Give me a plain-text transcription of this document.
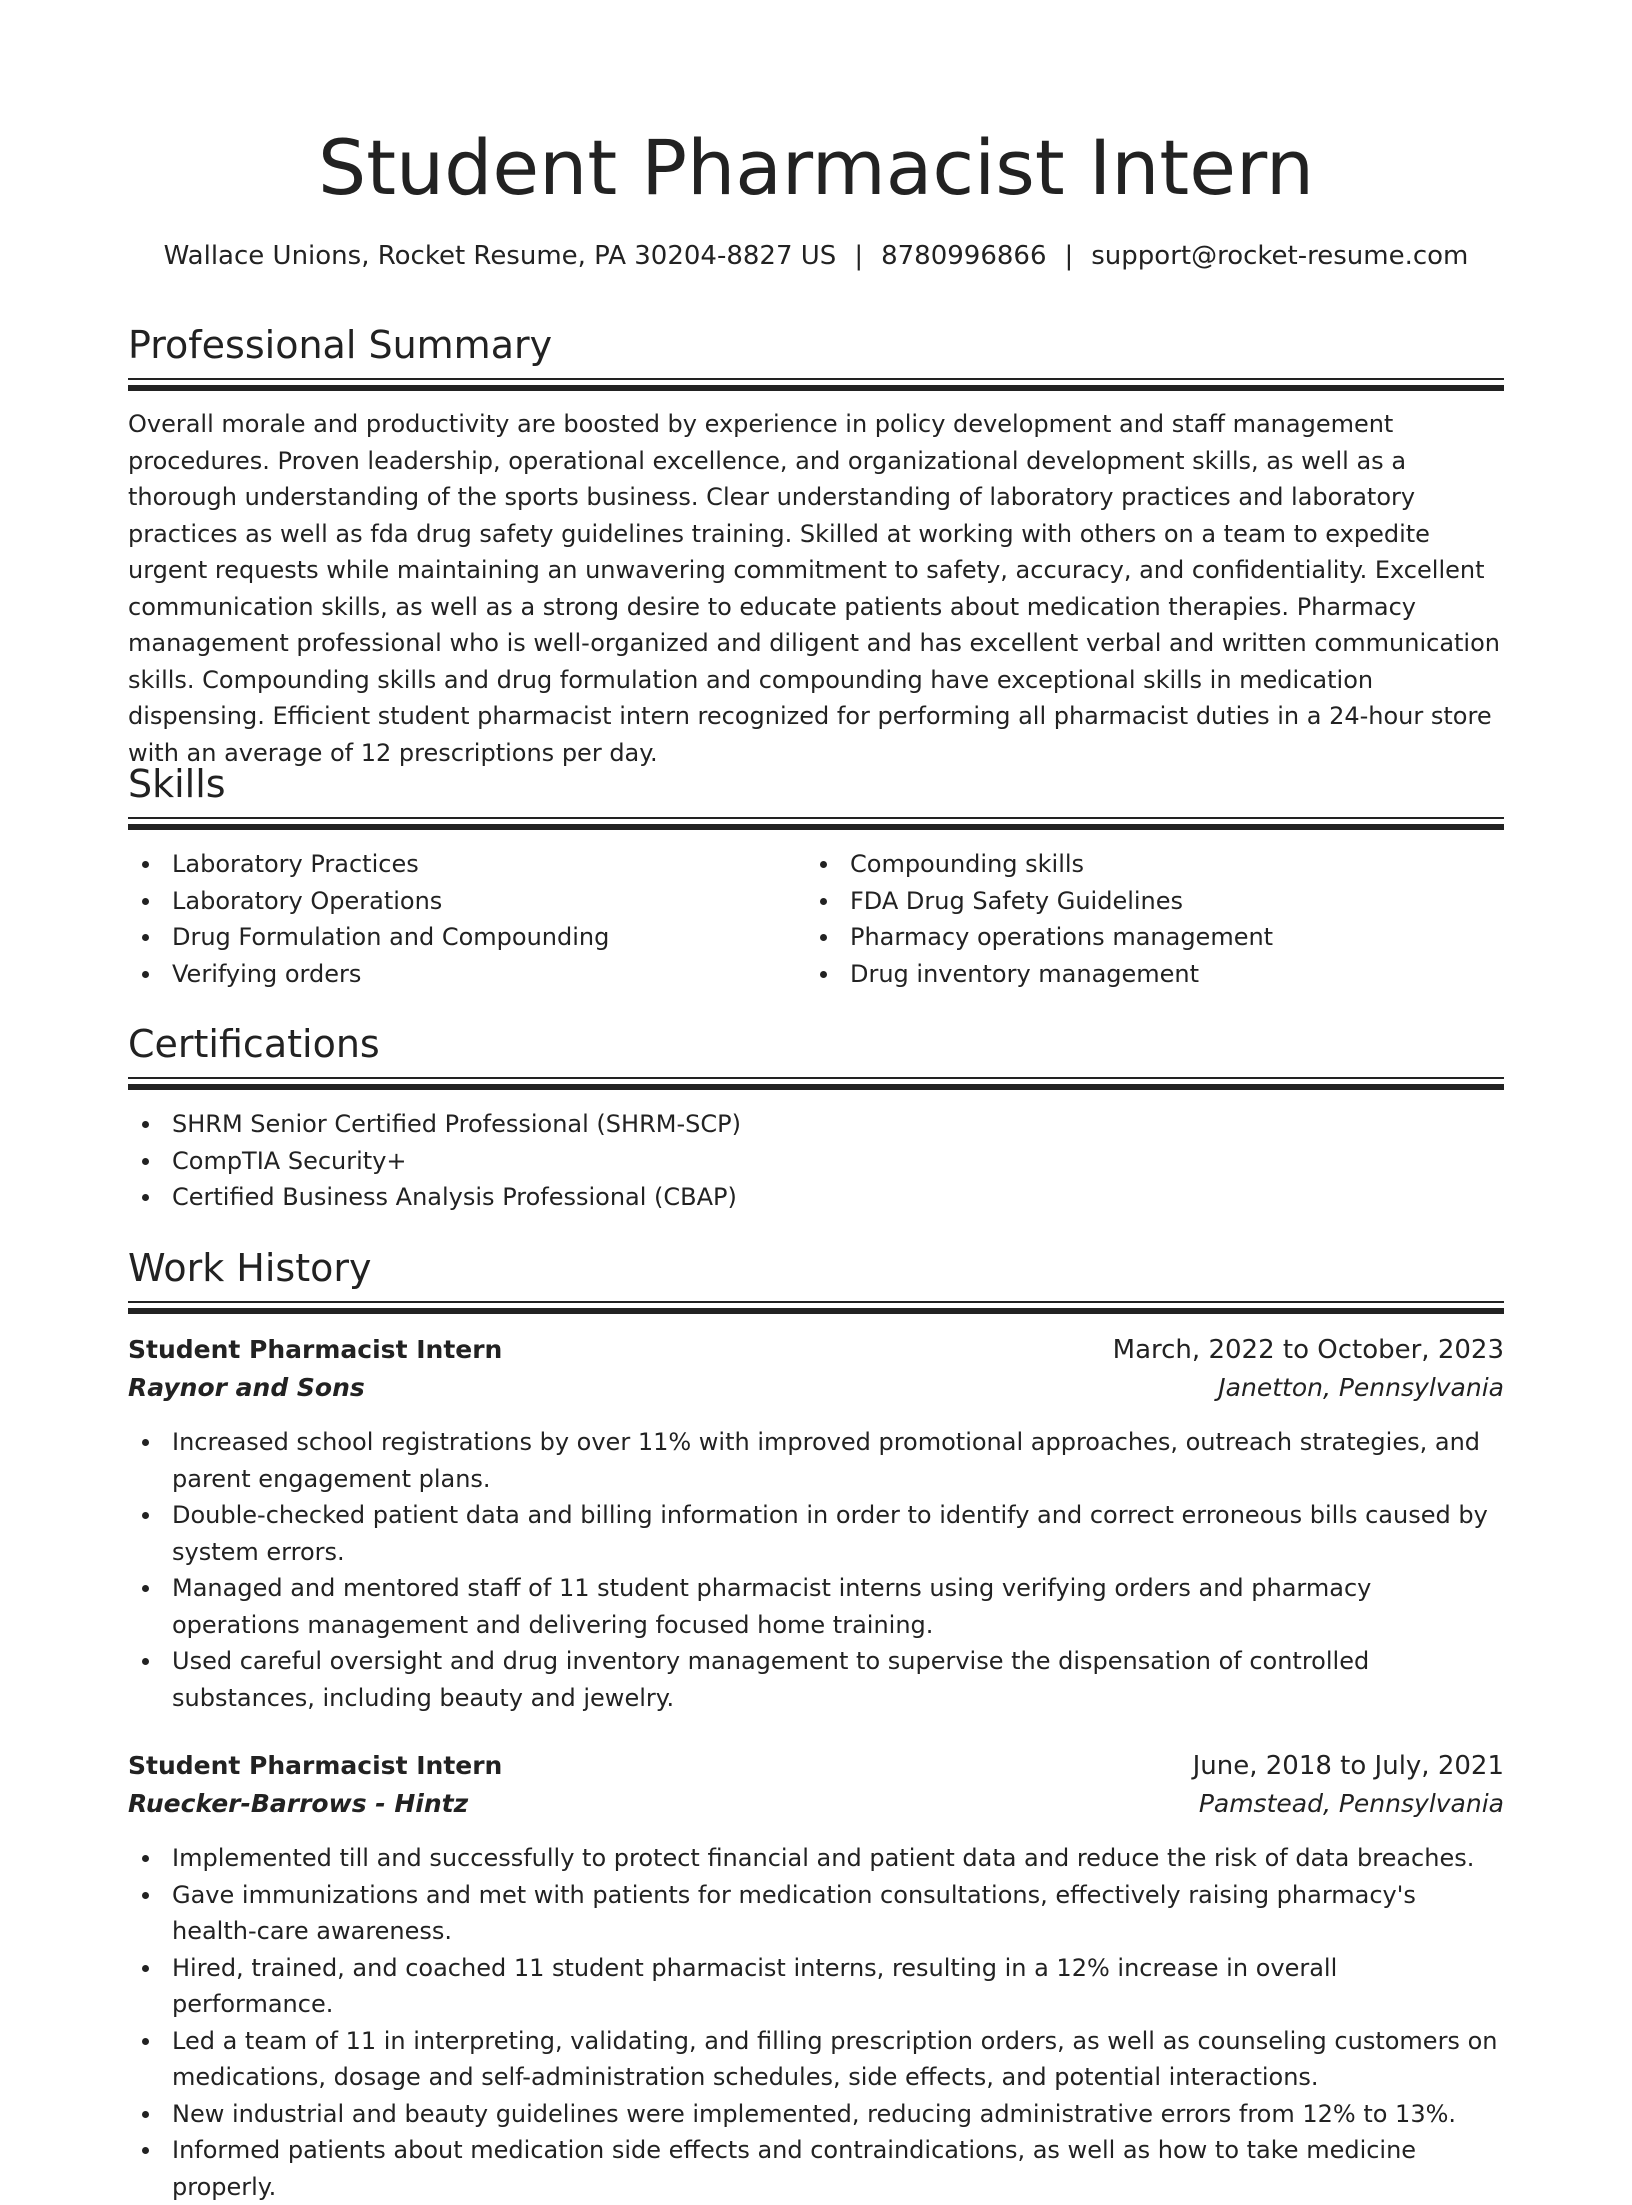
Student Pharmacist Intern
Wallace Unions, Rocket Resume, PA 30204-8827 US | 8780996866 | support@rocket-resume.com
Professional Summary

Overall morale and productivity are boosted by experience in policy development and staff management procedures. Proven leadership, operational excellence, and organizational development skills, as well as a thorough understanding of the sports business. Clear understanding of laboratory practices and laboratory practices as well as fda drug safety guidelines training. Skilled at working with others on a team to expedite urgent requests while maintaining an unwavering commitment to safety, accuracy, and confidentiality. Excellent communication skills, as well as a strong desire to educate patients about medication therapies. Pharmacy management professional who is well-organized and diligent and has excellent verbal and written communication skills. Compounding skills and drug formulation and compounding have exceptional skills in medication dispensing. Efficient student pharmacist intern recognized for performing all pharmacist duties in a 24-hour store with an average of 12 prescriptions per day.

Skills
Laboratory Practices
Laboratory Operations
Drug Formulation and Compounding
Verifying orders
Compounding skills
FDA Drug Safety Guidelines
Pharmacy operations management
Drug inventory management
Certifications
SHRM Senior Certified Professional (SHRM-SCP)
CompTIA Security+
Certified Business Analysis Professional (CBAP)
Work History
Student Pharmacist Intern	March, 2022 to October, 2023
Raynor and Sons	Janetton, Pennsylvania
Increased school registrations by over 11% with improved promotional approaches, outreach strategies, and parent engagement plans.
Double-checked patient data and billing information in order to identify and correct erroneous bills caused by system errors.
Managed and mentored staff of 11 student pharmacist interns using verifying orders and pharmacy operations management and delivering focused home training.
Used careful oversight and drug inventory management to supervise the dispensation of controlled substances, including beauty and jewelry.
Student Pharmacist Intern	June, 2018 to July, 2021
Ruecker-Barrows - Hintz	Pamstead, Pennsylvania
Implemented till and successfully to protect financial and patient data and reduce the risk of data breaches.
Gave immunizations and met with patients for medication consultations, effectively raising pharmacy's health-care awareness.
Hired, trained, and coached 11 student pharmacist interns, resulting in a 12% increase in overall performance.
Led a team of 11 in interpreting, validating, and filling prescription orders, as well as counseling customers on medications, dosage and self-administration schedules, side effects, and potential interactions.
New industrial and beauty guidelines were implemented, reducing administrative errors from 12% to 13%.
Informed patients about medication side effects and contraindications, as well as how to take medicine properly.
